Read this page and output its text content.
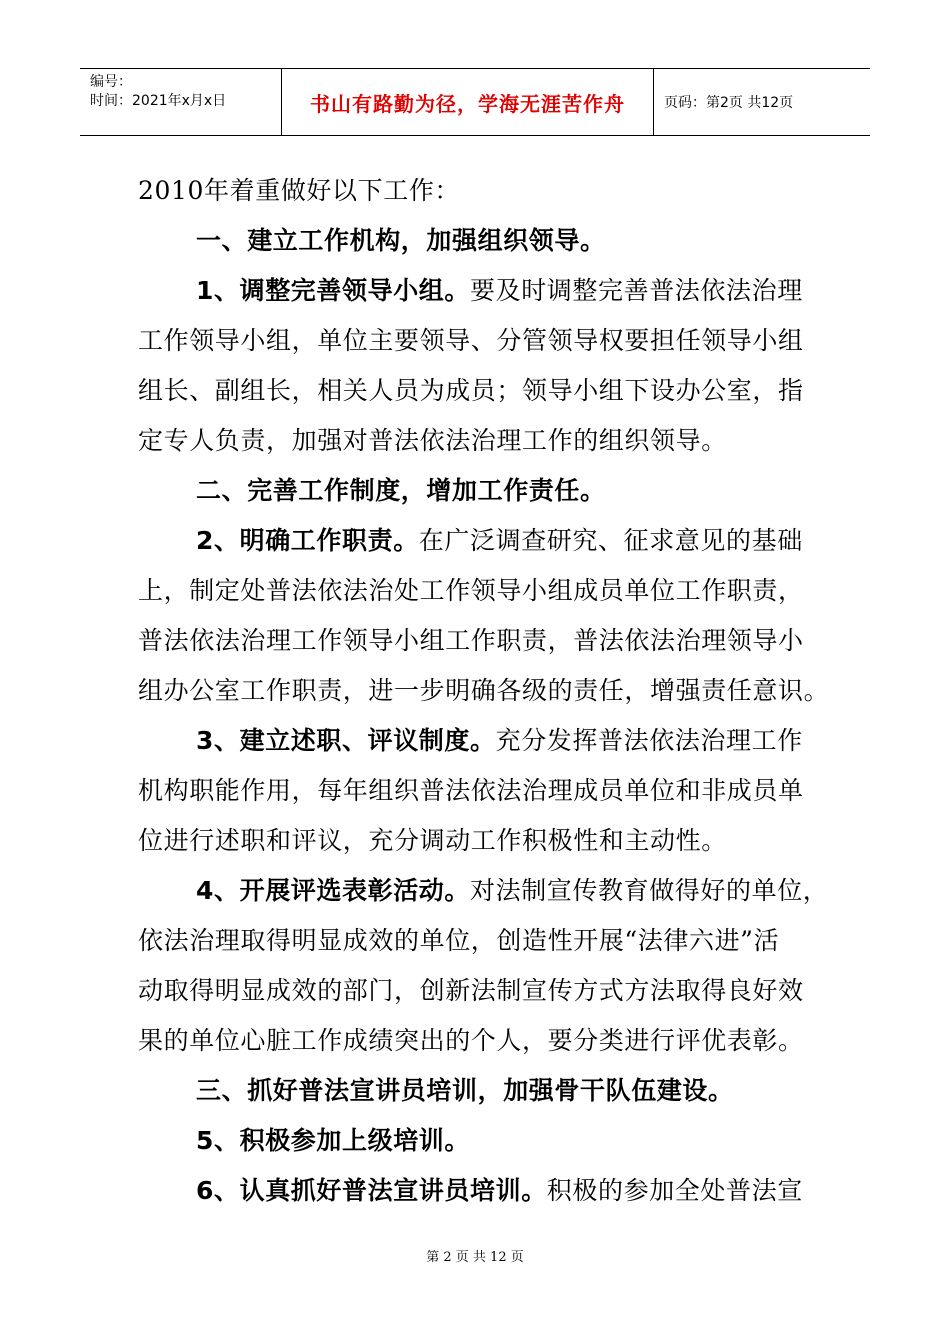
编号：
时间：2021年x月x日	书山有路勤为径，学海无涯苦作舟	页码：第2页 共12页
2010年着重做好以下工作：
一、建立工作机构，加强组织领导。
1、调整完善领导小组。要及时调整完善普法依法治理
工作领导小组，单位主要领导、分管领导权要担任领导小组
组长、副组长，相关人员为成员；领导小组下设办公室，指
定专人负责，加强对普法依法治理工作的组织领导。
二、完善工作制度，增加工作责任。
2、明确工作职责。在广泛调查研究、征求意见的基础
上，制定处普法依法治处工作领导小组成员单位工作职责，
普法依法治理工作领导小组工作职责，普法依法治理领导小
组办公室工作职责，进一步明确各级的责任，增强责任意识。
3、建立述职、评议制度。充分发挥普法依法治理工作
机构职能作用，每年组织普法依法治理成员单位和非成员单
位进行述职和评议，充分调动工作积极性和主动性。
4、开展评选表彰活动。对法制宣传教育做得好的单位，
依法治理取得明显成效的单位，创造性开展“法律六进”活
动取得明显成效的部门，创新法制宣传方式方法取得良好效
果的单位心脏工作成绩突出的个人，要分类进行评优表彰。
三、抓好普法宣讲员培训，加强骨干队伍建设。
5、积极参加上级培训。
6、认真抓好普法宣讲员培训。积极的参加全处普法宣
第 2 页 共 12 页
